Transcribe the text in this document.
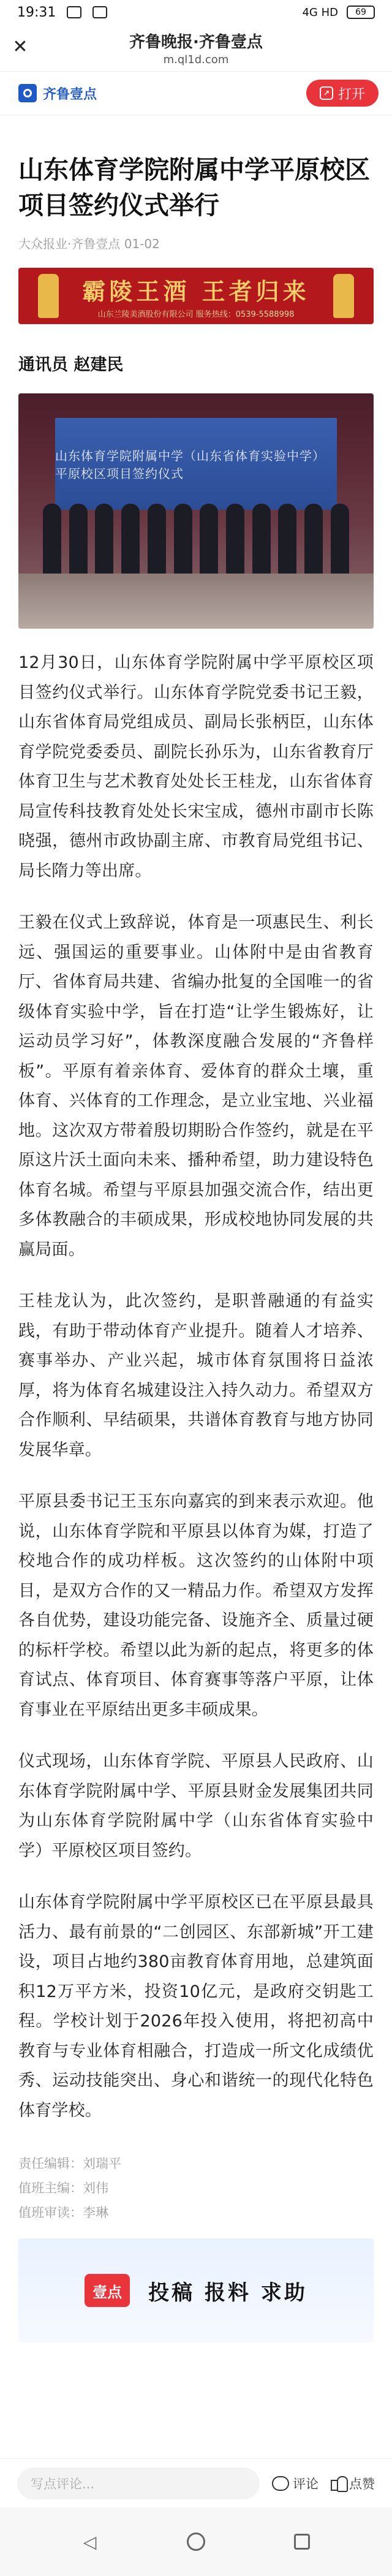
19:31	4G HD 69
✕	齐鲁晚报·齐鲁壹点
m.ql1d.com
齐鲁壹点	↗ 打开
山东体育学院附属中学平原校区项目签约仪式举行
大众报业·齐鲁壹点 01-02
霸陵王酒 王者归来
山东兰陵美酒股份有限公司 服务热线：0539-5588998
通讯员 赵建民
山东体育学院附属中学（山东省体育实验中学）平原校区项目签约仪式

12月30日，山东体育学院附属中学平原校区项目签约仪式举行。山东体育学院党委书记王毅，山东省体育局党组成员、副局长张柄臣，山东体育学院党委委员、副院长孙乐为，山东省教育厅体育卫生与艺术教育处处长王桂龙，山东省体育局宣传科技教育处处长宋宝成，德州市副市长陈晓强，德州市政协副主席、市教育局党组书记、局长隋力等出席。

王毅在仪式上致辞说，体育是一项惠民生、利长远、强国运的重要事业。山体附中是由省教育厅、省体育局共建、省编办批复的全国唯一的省级体育实验中学，旨在打造“让学生锻炼好，让运动员学习好”，体教深度融合发展的“齐鲁样板”。平原有着亲体育、爱体育的群众土壤，重体育、兴体育的工作理念，是立业宝地、兴业福地。这次双方带着殷切期盼合作签约，就是在平原这片沃土面向未来、播种希望，助力建设特色体育名城。希望与平原县加强交流合作，结出更多体教融合的丰硕成果，形成校地协同发展的共赢局面。

王桂龙认为，此次签约，是职普融通的有益实践，有助于带动体育产业提升。随着人才培养、赛事举办、产业兴起，城市体育氛围将日益浓厚，将为体育名城建设注入持久动力。希望双方合作顺利、早结硕果，共谱体育教育与地方协同发展华章。

平原县委书记王玉东向嘉宾的到来表示欢迎。他说，山东体育学院和平原县以体育为媒，打造了校地合作的成功样板。这次签约的山体附中项目，是双方合作的又一精品力作。希望双方发挥各自优势，建设功能完备、设施齐全、质量过硬的标杆学校。希望以此为新的起点，将更多的体育试点、体育项目、体育赛事等落户平原，让体育事业在平原结出更多丰硕成果。

仪式现场，山东体育学院、平原县人民政府、山东体育学院附属中学、平原县财金发展集团共同为山东体育学院附属中学（山东省体育实验中学）平原校区项目签约。

山东体育学院附属中学平原校区已在平原县最具活力、最有前景的“二创园区、东部新城”开工建设，项目占地约380亩教育体育用地，总建筑面积12万平方米，投资10亿元，是政府交钥匙工程。学校计划于2026年投入使用，将把初高中教育与专业体育相融合，打造成一所文化成绩优秀、运动技能突出、身心和谐统一的现代化特色体育学校。

责任编辑：刘瑞平
值班主编：刘伟
值班审读：李琳
壹点	投稿 报料 求助
写点评论...	评论 点赞
◁
